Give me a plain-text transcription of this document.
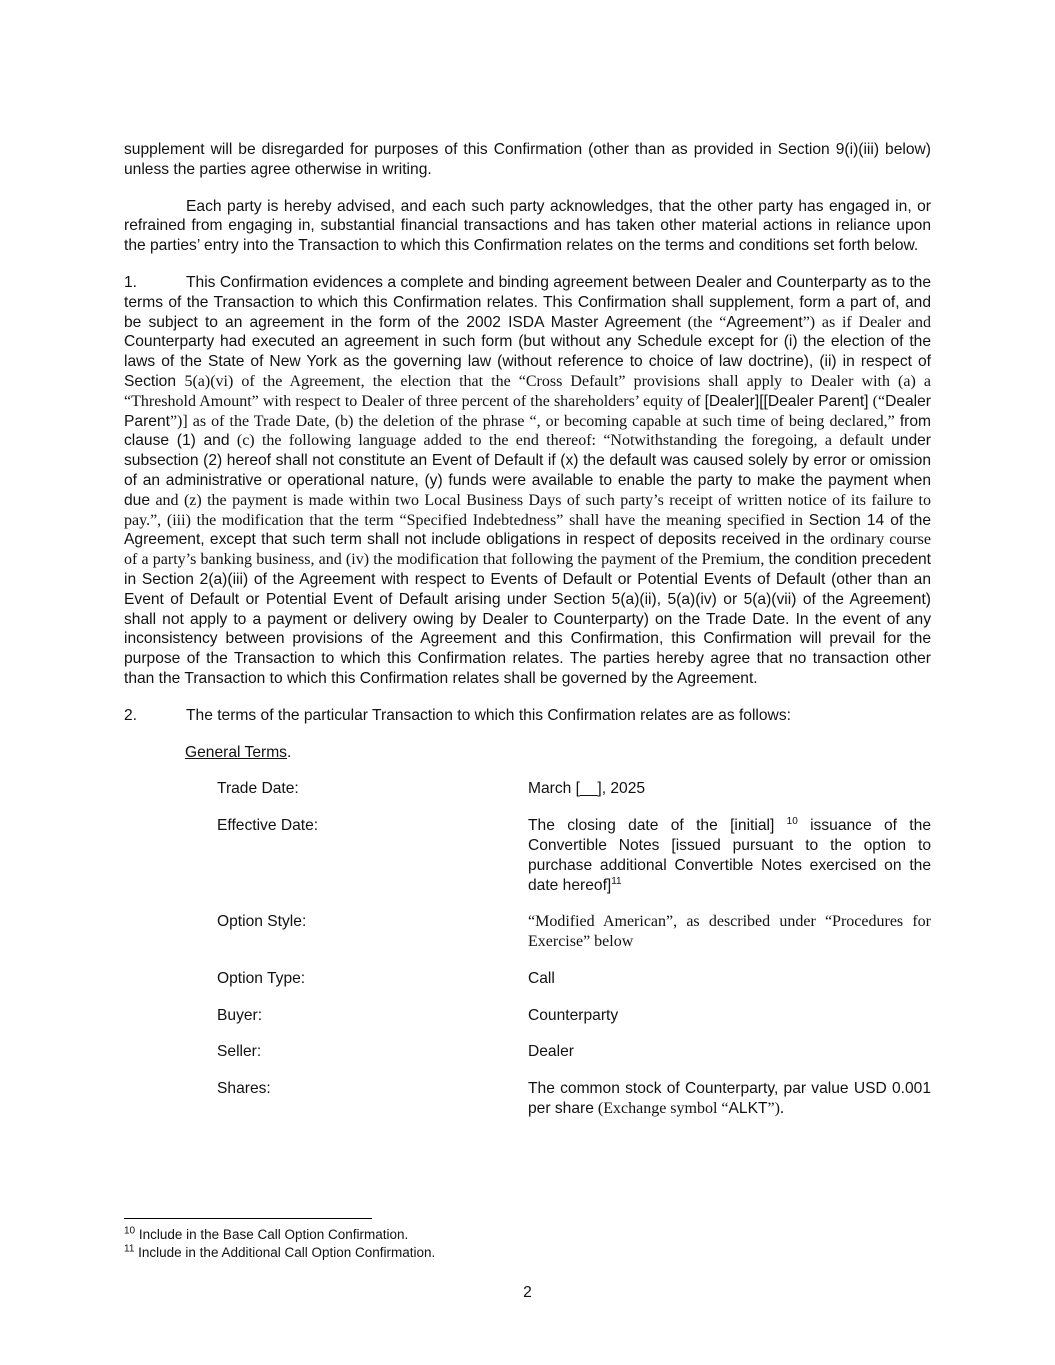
supplement will be disregarded for purposes of this Confirmation (other than as provided in Section 9(i)(iii) below) unless the parties agree otherwise in writing.

Each party is hereby advised, and each such party acknowledges, that the other party has engaged in, or refrained from engaging in, substantial financial transactions and has taken other material actions in reliance upon the parties’ entry into the Transaction to which this Confirmation relates on the terms and conditions set forth below.

1.	This Confirmation evidences a complete and binding agreement between Dealer and Counterparty as to the terms of the Transaction to which this Confirmation relates. This Confirmation shall supplement, form a part of, and be subject to an agreement in the form of the 2002 ISDA Master Agreement (the “Agreement”) as if Dealer and Counterparty had executed an agreement in such form (but without any Schedule except for (i) the election of the laws of the State of New York as the governing law (without reference to choice of law doctrine), (ii) in respect of Section 5(a)(vi) of the Agreement, the election that the “Cross Default” provisions shall apply to Dealer with (a) a “Threshold Amount” with respect to Dealer of three percent of the shareholders’ equity of [Dealer][[Dealer Parent] (“Dealer Parent”)] as of the Trade Date, (b) the deletion of the phrase “, or becoming capable at such time of being declared,” from clause (1) and (c) the following language added to the end thereof: “Notwithstanding the foregoing, a default under subsection (2) hereof shall not constitute an Event of Default if (x) the default was caused solely by error or omission of an administrative or operational nature, (y) funds were available to enable the party to make the payment when due and (z) the payment is made within two Local Business Days of such party’s receipt of written notice of its failure to pay.”, (iii) the modification that the term “Specified Indebtedness” shall have the meaning specified in Section 14 of the Agreement, except that such term shall not include obligations in respect of deposits received in the ordinary course of a party’s banking business, and (iv) the modification that following the payment of the Premium, the condition precedent in Section 2(a)(iii) of the Agreement with respect to Events of Default or Potential Events of Default (other than an Event of Default or Potential Event of Default arising under Section 5(a)(ii), 5(a)(iv) or 5(a)(vii) of the Agreement) shall not apply to a payment or delivery owing by Dealer to Counterparty) on the Trade Date. In the event of any inconsistency between provisions of the Agreement and this Confirmation, this Confirmation will prevail for the purpose of the Transaction to which this Confirmation relates. The parties hereby agree that no transaction other than the Transaction to which this Confirmation relates shall be governed by the Agreement.

2.	The terms of the particular Transaction to which this Confirmation relates are as follows:

General Terms.

Trade Date:	March [__], 2025
Effective Date:	The closing date of the [initial] $^{10}$ issuance of the Convertible Notes [issued pursuant to the option to purchase additional Convertible Notes exercised on the date hereof]$^{11}$
Option Style:	“Modified American”, as described under “Procedures for Exercise” below
Option Type:	Call
Buyer:	Counterparty
Seller:	Dealer
Shares:	The common stock of Counterparty, par value USD 0.001 per share (Exchange symbol “ALKT”).
$^{10}$ Include in the Base Call Option Confirmation.
$^{11}$ Include in the Additional Call Option Confirmation.
2
